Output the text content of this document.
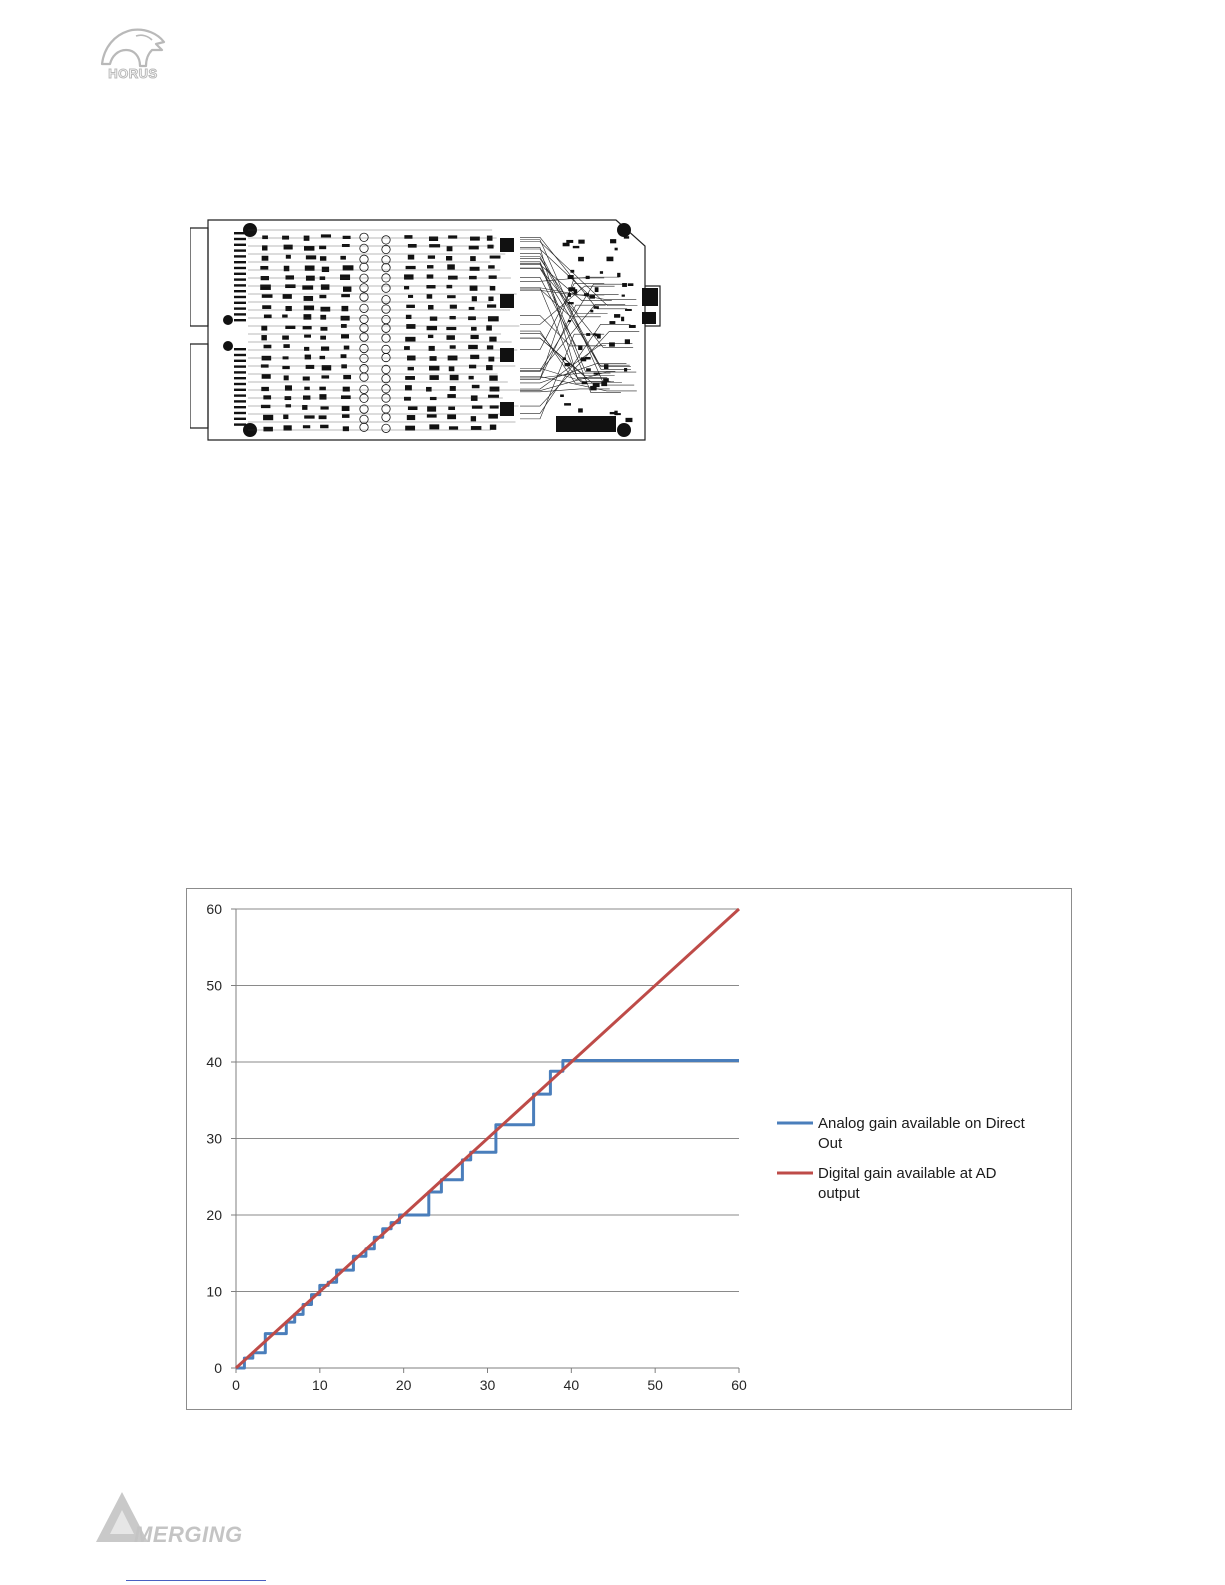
HORUS
0
10
20
30
40
50
60
0	10	20	30	40	50	60
Analog gain available on Direct Out
Digital gain available at AD output
MERGING
